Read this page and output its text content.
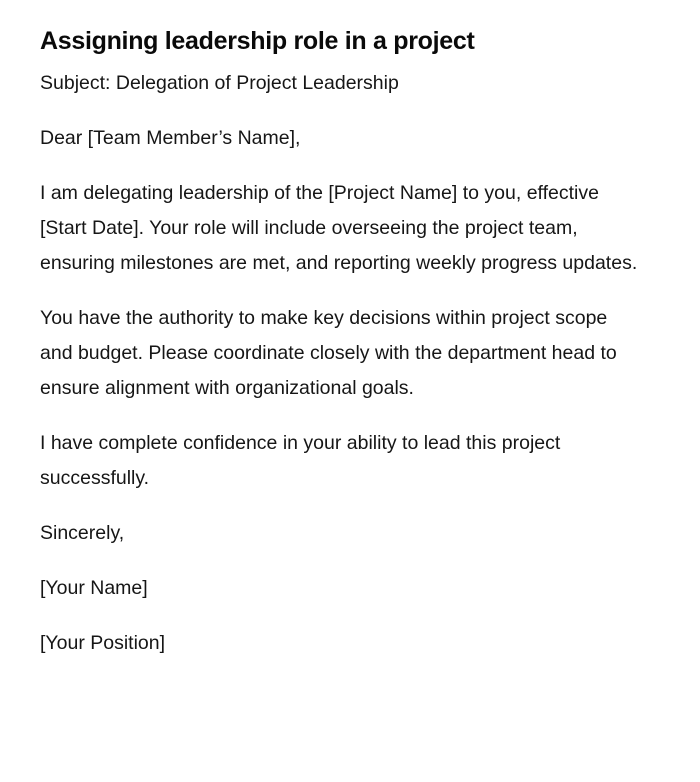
Assigning leadership role in a project

Subject: Delegation of Project Leadership

Dear [Team Member’s Name],

I am delegating leadership of the [Project Name] to you, effective [Start Date]. Your role will include overseeing the project team, ensuring milestones are met, and reporting weekly progress updates.

You have the authority to make key decisions within project scope and budget. Please coordinate closely with the department head to ensure alignment with organizational goals.

I have complete confidence in your ability to lead this project successfully.

Sincerely,

[Your Name]

[Your Position]
